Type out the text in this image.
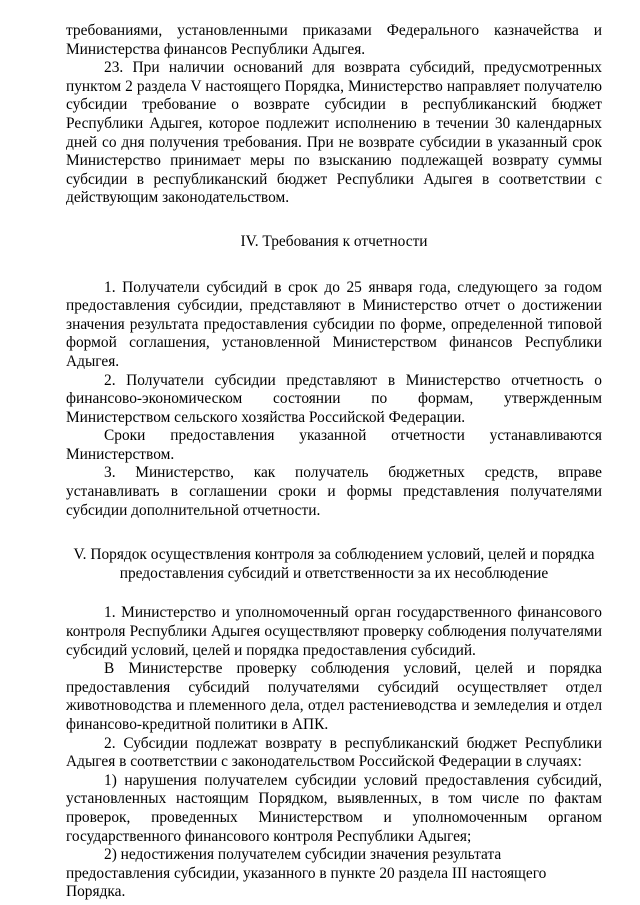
требованиями, установленными приказами Федерального казначейства и Министерства финансов Республики Адыгея.

23. При наличии оснований для возврата субсидий, предусмотренных пунктом 2 раздела V настоящего Порядка, Министерство направляет получателю субсидии требование о возврате субсидии в республиканский бюджет Республики Адыгея, которое подлежит исполнению в течении 30 календарных дней со дня получения требования. При не возврате субсидии в указанный срок Министерство принимает меры по взысканию подлежащей возврату суммы субсидии в республиканский бюджет Республики Адыгея в соответствии с действующим законодательством.

IV. Требования к отчетности

1. Получатели субсидий в срок до 25 января года, следующего за годом предоставления субсидии, представляют в Министерство отчет о достижении значения результата предоставления субсидии по форме, определенной типовой формой соглашения, установленной Министерством финансов Республики Адыгея.

2. Получатели субсидии представляют в Министерство отчетность о финансово-экономическом состоянии по формам, утвержденным Министерством сельского хозяйства Российской Федерации.

Сроки предоставления указанной отчетности устанавливаются Министерством.

3. Министерство, как получатель бюджетных средств, вправе устанавливать в соглашении сроки и формы представления получателями субсидии дополнительной отчетности.

V. Порядок осуществления контроля за соблюдением условий, целей и порядка
предоставления субсидий и ответственности за их несоблюдение

1. Министерство и уполномоченный орган государственного финансового контроля Республики Адыгея осуществляют проверку соблюдения получателями субсидий условий, целей и порядка предоставления субсидий.

В Министерстве проверку соблюдения условий, целей и порядка предоставления субсидий получателями субсидий осуществляет отдел животноводства и племенного дела, отдел растениеводства и земледелия и отдел финансово-кредитной политики в АПК.

2. Субсидии подлежат возврату в республиканский бюджет Республики Адыгея в соответствии с законодательством Российской Федерации в случаях:

1) нарушения получателем субсидии условий предоставления субсидий, установленных настоящим Порядком, выявленных, в том числе по фактам проверок, проведенных Министерством и уполномоченным органом государственного финансового контроля Республики Адыгея;

2) недостижения получателем субсидии значения результата предоставления субсидии, указанного в пункте 20 раздела III настоящего Порядка.
